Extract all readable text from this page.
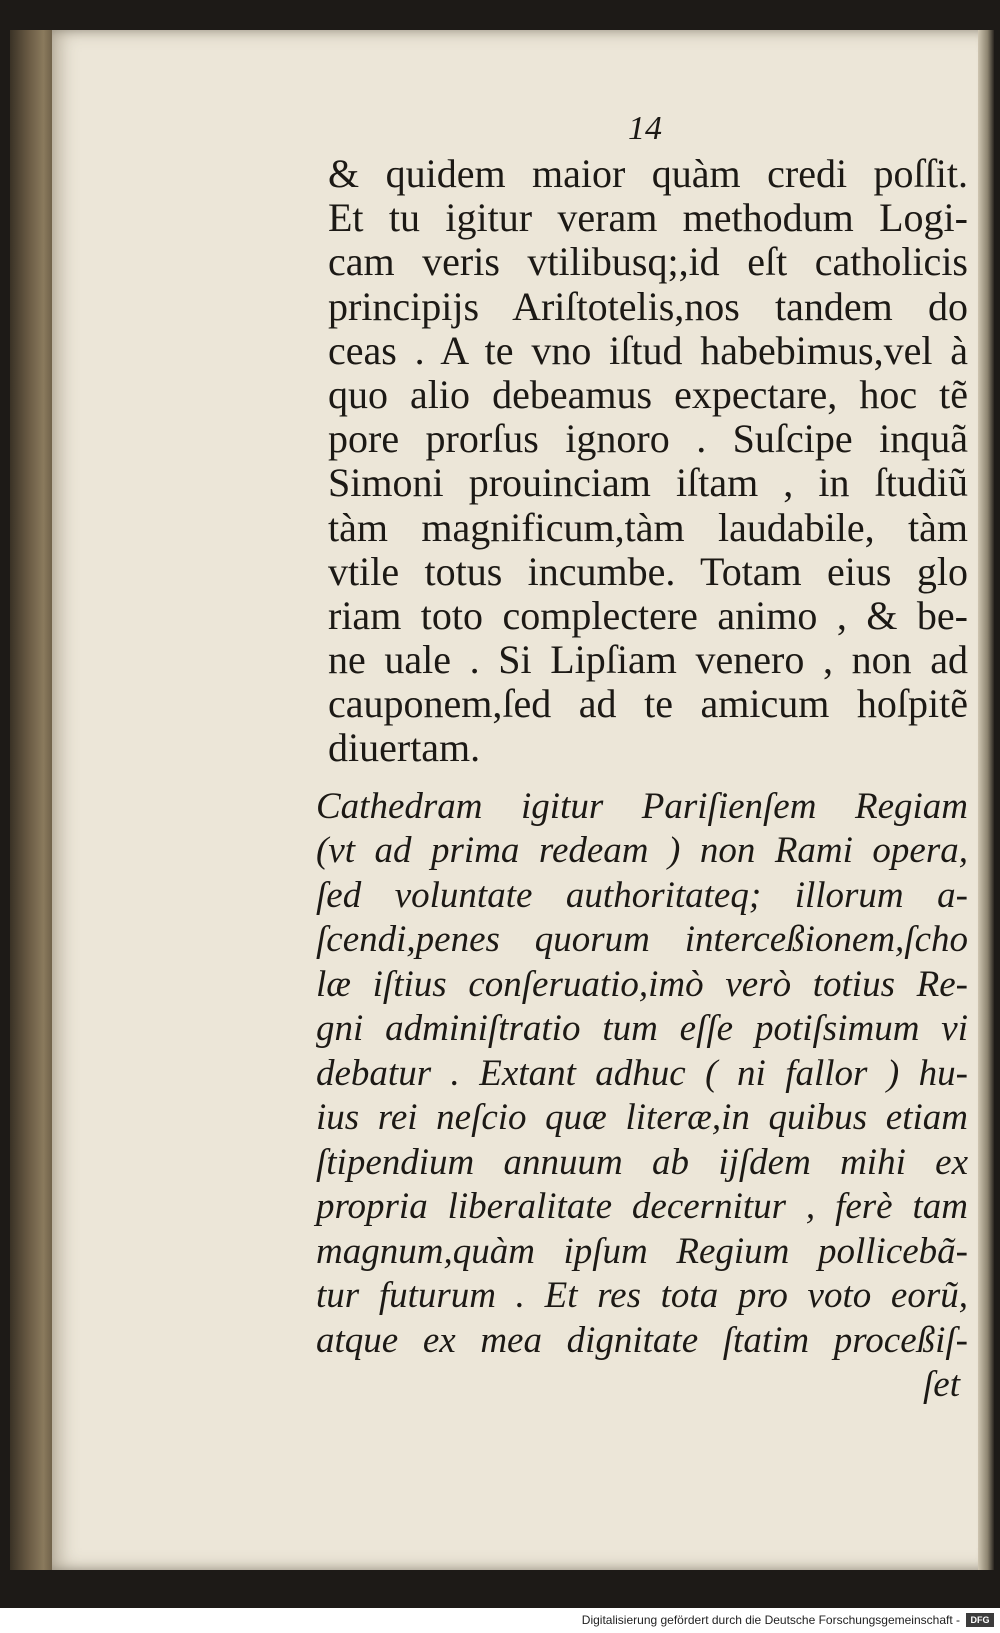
14
& quidem maior quàm credi poſſit.
Et tu igitur veram methodum Logi-
cam veris vtilibusq;,id eſt catholicis
principijs Ariſtotelis,nos tandem do
ceas . A te vno iſtud habebimus,vel à
quo alio debeamus expectare, hoc tẽ
pore prorſus ignoro . Suſcipe inquã
Simoni prouinciam iſtam , in ſtudiũ
tàm magnificum,tàm laudabile, tàm
vtile totus incumbe. Totam eius glo
riam toto complectere animo , & be-
ne uale . Si Lipſiam venero , non ad
cauponem,ſed ad te amicum hoſpitẽ
diuertam.
Cathedram igitur Pariſienſem Regiam
(vt ad prima redeam ) non Rami opera,
ſed voluntate authoritateq; illorum a-
ſcendi,penes quorum interceßionem,ſcho
læ iſtius conſeruatio,imò verò totius Re-
gni adminiſtratio tum eſſe potiſsimum vi
debatur . Extant adhuc ( ni fallor ) hu-
ius rei neſcio quæ literæ,in quibus etiam
ſtipendium annuum ab ijſdem mihi ex
propria liberalitate decernitur , ferè tam
magnum,quàm ipſum Regium pollicebã-
tur futurum . Et res tota pro voto eorũ,
atque ex mea dignitate ſtatim proceßiſ-
ſet
Digitalisierung gefördert durch die Deutsche Forschungsgemeinschaft -	DFG
